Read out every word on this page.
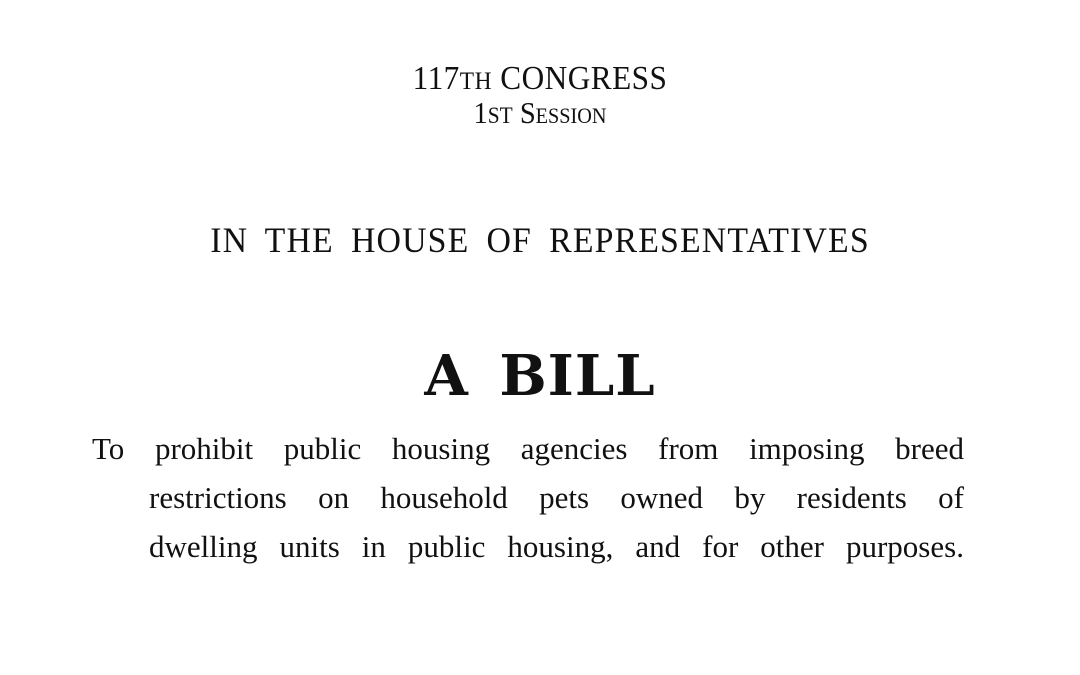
117TH CONGRESS
1ST Session
IN THE HOUSE OF REPRESENTATIVES
A BILL
To prohibit public housing agencies from imposing breed
restrictions on household pets owned by residents of
dwelling units in public housing, and for other purposes.
